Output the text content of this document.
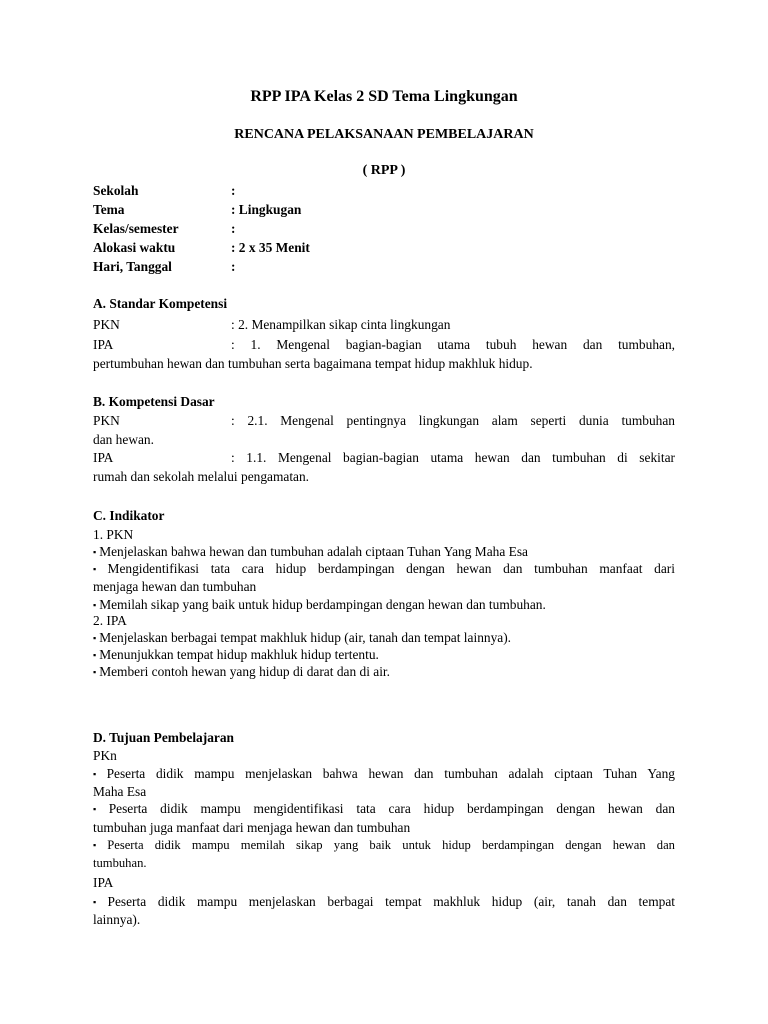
RPP IPA Kelas 2 SD Tema Lingkungan
RENCANA PELAKSANAAN PEMBELAJARAN
( RPP )
Sekolah	:
Tema	: Lingkugan
Kelas/semester	:
Alokasi waktu	: 2 x 35 Menit
Hari, Tanggal	:
A. Standar Kompetensi
PKN	: 2. Menampilkan sikap cinta lingkungan
IPA	: 1. Mengenal bagian-bagian utama tubuh hewan dan tumbuhan,
pertumbuhan hewan dan tumbuhan serta bagaimana tempat hidup makhluk hidup.
B. Kompetensi Dasar
PKN	: 2.1. Mengenal pentingnya lingkungan alam seperti dunia tumbuhan
dan hewan.
IPA	: 1.1. Mengenal bagian-bagian utama hewan dan tumbuhan di sekitar
rumah dan sekolah melalui pengamatan.
C. Indikator
1. PKN
▪ Menjelaskan bahwa hewan dan tumbuhan adalah ciptaan Tuhan Yang Maha Esa
▪ Mengidentifikasi tata cara hidup berdampingan dengan hewan dan tumbuhan manfaat dari
menjaga hewan dan tumbuhan
▪ Memilah sikap yang baik untuk hidup berdampingan dengan hewan dan tumbuhan.
2. IPA
▪ Menjelaskan berbagai tempat makhluk hidup (air, tanah dan tempat lainnya).
▪ Menunjukkan tempat hidup makhluk hidup tertentu.
▪ Memberi contoh hewan yang hidup di darat dan di air.
D. Tujuan Pembelajaran
PKn
▪ Peserta didik mampu menjelaskan bahwa hewan dan tumbuhan adalah ciptaan Tuhan Yang
Maha Esa
▪ Peserta didik mampu mengidentifikasi tata cara hidup berdampingan dengan hewan dan
tumbuhan juga manfaat dari menjaga hewan dan tumbuhan
▪ Peserta didik mampu memilah sikap yang baik untuk hidup berdampingan dengan hewan dan
tumbuhan.
IPA
▪ Peserta didik mampu menjelaskan berbagai tempat makhluk hidup (air, tanah dan tempat
lainnya).
